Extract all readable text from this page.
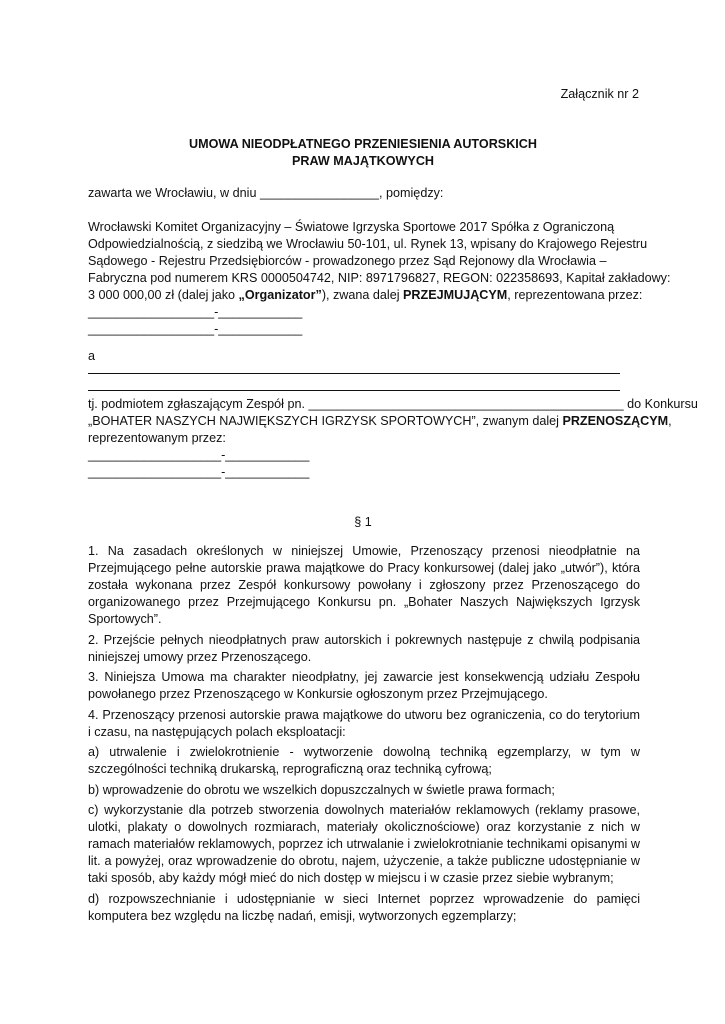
Załącznik nr 2
UMOWA NIEODPŁATNEGO PRZENIESIENIA AUTORSKICH
PRAW MAJĄTKOWYCH
zawarta we Wrocławiu, w dniu _________________, pomiędzy:
Wrocławski Komitet Organizacyjny – Światowe Igrzyska Sportowe 2017 Spółka z Ograniczoną
Odpowiedzialnością, z siedzibą we Wrocławiu 50-101, ul. Rynek 13, wpisany do Krajowego Rejestru
Sądowego - Rejestru Przedsiębiorców - prowadzonego przez Sąd Rejonowy dla Wrocławia –
Fabryczna pod numerem KRS 0000504742, NIP: 8971796827, REGON: 022358693, Kapitał zakładowy:
3 000 000,00 zł (dalej jako „Organizator”), zwana dalej PRZEJMUJĄCYM, reprezentowana przez:
__________________-____________
__________________-____________
a
tj. podmiotem zgłaszającym Zespół pn. _____________________________________________ do Konkursu
„BOHATER NASZYCH NAJWIĘKSZYCH IGRZYSK SPORTOWYCH”, zwanym dalej PRZENOSZĄCYM,
reprezentowanym przez:
___________________-____________
___________________-____________
§ 1
1. Na zasadach określonych w niniejszej Umowie, Przenoszący przenosi nieodpłatnie na Przejmującego pełne autorskie prawa majątkowe do Pracy konkursowej (dalej jako „utwór”), która została wykonana przez Zespół konkursowy powołany i zgłoszony przez Przenoszącego do organizowanego przez Przejmującego Konkursu pn. „Bohater Naszych Największych Igrzysk Sportowych”.
2. Przejście pełnych nieodpłatnych praw autorskich i pokrewnych następuje z chwilą podpisania niniejszej umowy przez Przenoszącego.
3. Niniejsza Umowa ma charakter nieodpłatny, jej zawarcie jest konsekwencją udziału Zespołu powołanego przez Przenoszącego w Konkursie ogłoszonym przez Przejmującego.
4. Przenoszący przenosi autorskie prawa majątkowe do utworu bez ograniczenia, co do terytorium i czasu, na następujących polach eksploatacji:
a) utrwalenie i zwielokrotnienie - wytworzenie dowolną techniką egzemplarzy, w tym w szczególności techniką drukarską, reprograficzną oraz techniką cyfrową;
b) wprowadzenie do obrotu we wszelkich dopuszczalnych w świetle prawa formach;
c) wykorzystanie dla potrzeb stworzenia dowolnych materiałów reklamowych (reklamy prasowe, ulotki, plakaty o dowolnych rozmiarach, materiały okolicznościowe) oraz korzystanie z nich w ramach materiałów reklamowych, poprzez ich utrwalanie i zwielokrotnianie technikami opisanymi w lit. a powyżej, oraz wprowadzenie do obrotu, najem, użyczenie, a także publiczne udostępnianie w taki sposób, aby każdy mógł mieć do nich dostęp w miejscu i w czasie przez siebie wybranym;
d) rozpowszechnianie i udostępnianie w sieci Internet poprzez wprowadzenie do pamięci komputera bez względu na liczbę nadań, emisji, wytworzonych egzemplarzy;
